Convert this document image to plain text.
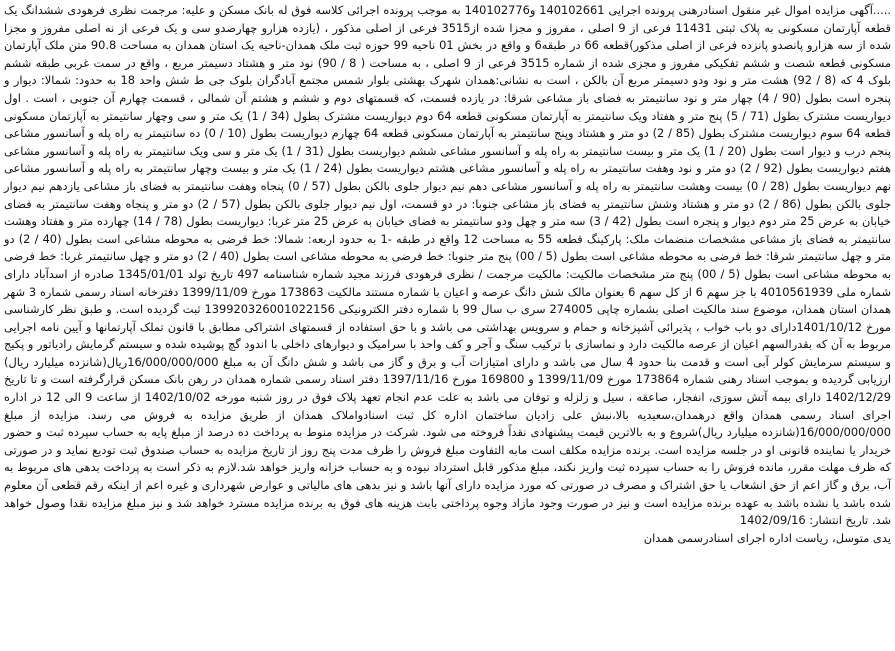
.....آگهی مزایده اموال غیر منقول اسنادرهنی پرونده اجرایی 140102661 و140102776 به موجب پرونده اجرائی کلاسه فوق له بانک مسکن و علیه: مرجمت نظری فرهودی ششدانگ یک قطعه آپارتمان مسکونی به پلاک ثبتی 11431 فرعی از 9 اصلی ، مفروز و مجزا شده از3515 فرعی از اصلی مذکور ، (یازده هزارو چهارصدو سی و یک فرعی از نه اصلی مفروز و مجزا شده از سه هزارو پانصدو پانزده فرعی از اصلی مذکور)قطعه 66 در طبقه6 و واقع در بخش 01 ناحیه 99 حوزه ثبت ملک همدان-ناحیه یک استان همدان به مساحت 90.8 متن ملک آپارتمان مسکونی قطعه شصت و ششم تفکیکی مفروز و مجزی شده از شماره 3515 فرعی از 9 اصلی ، به مساحت ( 8 / 90) نود متر و هشتاد دسیمتر مربع ، واقع در سمت غربی طبقه ششم بلوک 4 که (8 / 92) هشت متر و نود ودو دسیمتر مربع آن بالکن ، است به نشانی:همدان شهرک بهشتی بلوار شمس مجتمع آبادگران بلوک جی ط شش واحد 18 به حدود: شمالا: دیوار و پنجره است بطول (90 / 4) چهار متر و نود سانتیمتر به فضای باز مشاعی شرقا: در یازده قسمت، که قسمتهای دوم و ششم و هشتم آن شمالی ، قسمت چهارم آن جنوبی ، است . اول دیواریست مشترک بطول (71 / 5) پنج متر و هفتاد ویک سانتیمتر به آپارتمان مسکونی قطعه 64 دوم دیواریست مشترک بطول (34 / 1) یک متر و سی وچهار سانتیمتر به آپارتمان مسکونی قطعه 64 سوم دیواریست مشترک بطول (85 / 2) دو متر و هشتاد وپنج سانتیمتر به آپارتمان مسکونی قطعه 64 چهارم دیواریست بطول (10 / 0) ده سانتیمتر به راه پله و آسانسور مشاعی پنجم درب و دیوار است بطول (20 / 1) یک متر و بیست سانتیمتر به راه پله و آسانسور مشاعی ششم دیواریست بطول (31 / 1) یک متر و سی ویک سانتیمتر به راه پله و آسانسور مشاعی هفتم دیواریست بطول (92 / 2) دو متر و نود وهفت سانتیمتر به راه پله و آسانسور مشاعی هشتم دیواریست بطول (24 / 1) یک متر و بیست وچهار سانتیمتر به راه پله و آسانسور مشاعی نهم دیواریست بطول (28 / 0) بیست وهشت سانتیمتر به راه پله و آسانسور مشاعی دهم نیم دیوار جلوی بالکن بطول (57 / 0) پنجاه وهفت سانتیمتر به فضای باز مشاعی یازدهم نیم دیوار جلوی بالکن بطول (86 / 2) دو متر و هشتاد وشش سانتیمتر به فضای باز مشاعی جنوبا: در دو قسمت، اول نیم دیوار جلوی بالکن بطول (57 / 2) دو متر و پنجاه وهفت سانتیمتر به فضای خیابان به عرض 25 متر دوم دیوار و پنجره است بطول (42 / 3) سه متر و چهل ودو سانتیمتر به فضای خیابان به عرض 25 متر غربا: دیواریست بطول (78 / 14) چهارده متر و هفتاد وهشت سانتیمتر به فضای باز مشاعی مشخصات منضمات ملک: پارکینگ قطعه 55 به مساحت 12 واقع در طبقه -1 به حدود اربعه: شمالا: خط فرضی به محوطه مشاعی است بطول (40 / 2) دو متر و چهل سانتیمتر شرقا: خط فرضی به محوطه مشاعی است بطول (5 / 00) پنج متر جنوبا: خط فرضی به محوطه مشاعی است بطول (40 / 2) دو متر و چهل سانتیمتر غربا: خط فرضی به محوطه مشاعی است بطول (5 / 00) پنج متر مشخصات مالکیت: مالکیت مرجمت / نظری فرهودی فرزند مجید شماره شناسنامه 497 تاریخ تولد 1345/01/01 صادره از اسدآباد دارای شماره ملی 4010561939 با جز سهم 6 از کل سهم 6 بعنوان مالک شش دانگ عرصه و اعیان با شماره مستند مالکیت 173863 مورخ 1399/11/09 دفترخانه اسناد رسمی شماره 3 شهر همدان استان همدان، موضوع سند مالکیت اصلی بشماره چاپی 274005 سری ب سال 99 با شماره دفتر الکترونیکی 139920326001022156 ثبت گردیده است. و طبق نظر کارشناسی مورخ 1401/10/12دارای دو باب خواب ، پذیرائی آشپزخانه و حمام و سرویس بهداشتی می باشد و با حق استفاده از قسمتهای اشتراکی مطابق با قانون تملک آپارتمانها و آیین نامه اجرایی مربوط به آن که بقدرالسهم اعیان از عرصه مالکیت دارد و نماسازی با ترکیب سنگ و آجر و کف واحد با سرامیک و دیوارهای داخلی با اندود گچ پوشیده شده و سیستم گرمایش رادیاتور و پکیج و سیستم سرمایش کولر آبی است و قدمت بنا حدود 4 سال می باشد و دارای امتیازات آب و برق و گاز می باشد و شش دانگ آن به مبلغ 16/000/000/000ریال(شانزده میلیارد ریال) ارزیابی گردیده و بموجب اسناد رهنی شماره 173864 مورخ 1399/11/09 و 169800 مورخ 1397/11/16 دفتر اسناد رسمی شماره همدان در رهن بانک مسکن قرارگرفته است و تا تاریخ 1402/12/29 دارای بیمه آتش سوزی، انفجار، صاعقه ، سیل و زلزله و توفان می باشد به علت عدم انجام تعهد پلاک فوق در روز شنبه مورخه 1402/10/02 از ساعت 9 الی 12 در اداره اجرای اسناد رسمی همدان واقع درهمدان،سعیدیه بالا،نبش علی زادیان ساختمان اداره کل ثبت اسنادواملاک همدان از طریق مزایده به فروش می رسد. مزایده از مبلغ 16/000/000/000(شانزده میلیارد ریال)شروع و به بالاترین قیمت پیشنهادی نقداً فروخته می شود. شرکت در مزایده منوط به پرداخت ده درصد از مبلغ پایه به حساب سپرده ثبت و حضور خریدار یا نماینده قانونی او در جلسه مزایده است. برنده مزایده مکلف است مابه التفاوت مبلغ فروش را ظرف مدت پنج روز از تاریخ مزایده به حساب صندوق ثبت تودیع نماید و در صورتی که ظرف مهلت مقرر، مانده فروش را به حساب سپرده ثبت واریز نکند، مبلغ مذکور قابل استرداد نبوده و به حساب خزانه واریز خواهد شد.لازم به ذکر است به پرداخت بدهی های مربوط به آب، برق و گاز اعم از حق انشعاب یا حق اشتراک و مصرف در صورتی که مورد مزایده دارای آنها باشد و نیز بدهی های مالیاتی و عوارض شهرداری و غیره اعم از اینکه رقم قطعی آن معلوم شده باشد یا نشده باشد به عهده برنده مزایده است و نیز در صورت وجود مازاد وجوه پرداختی بابت هزینه های فوق به برنده مزایده مسترد خواهد شد و نیز مبلغ مزایده نقدا وصول خواهد شد. تاریخ انتشار: 1402/09/16

یدی متوسل، ریاست اداره اجرای اسنادرسمی همدان
